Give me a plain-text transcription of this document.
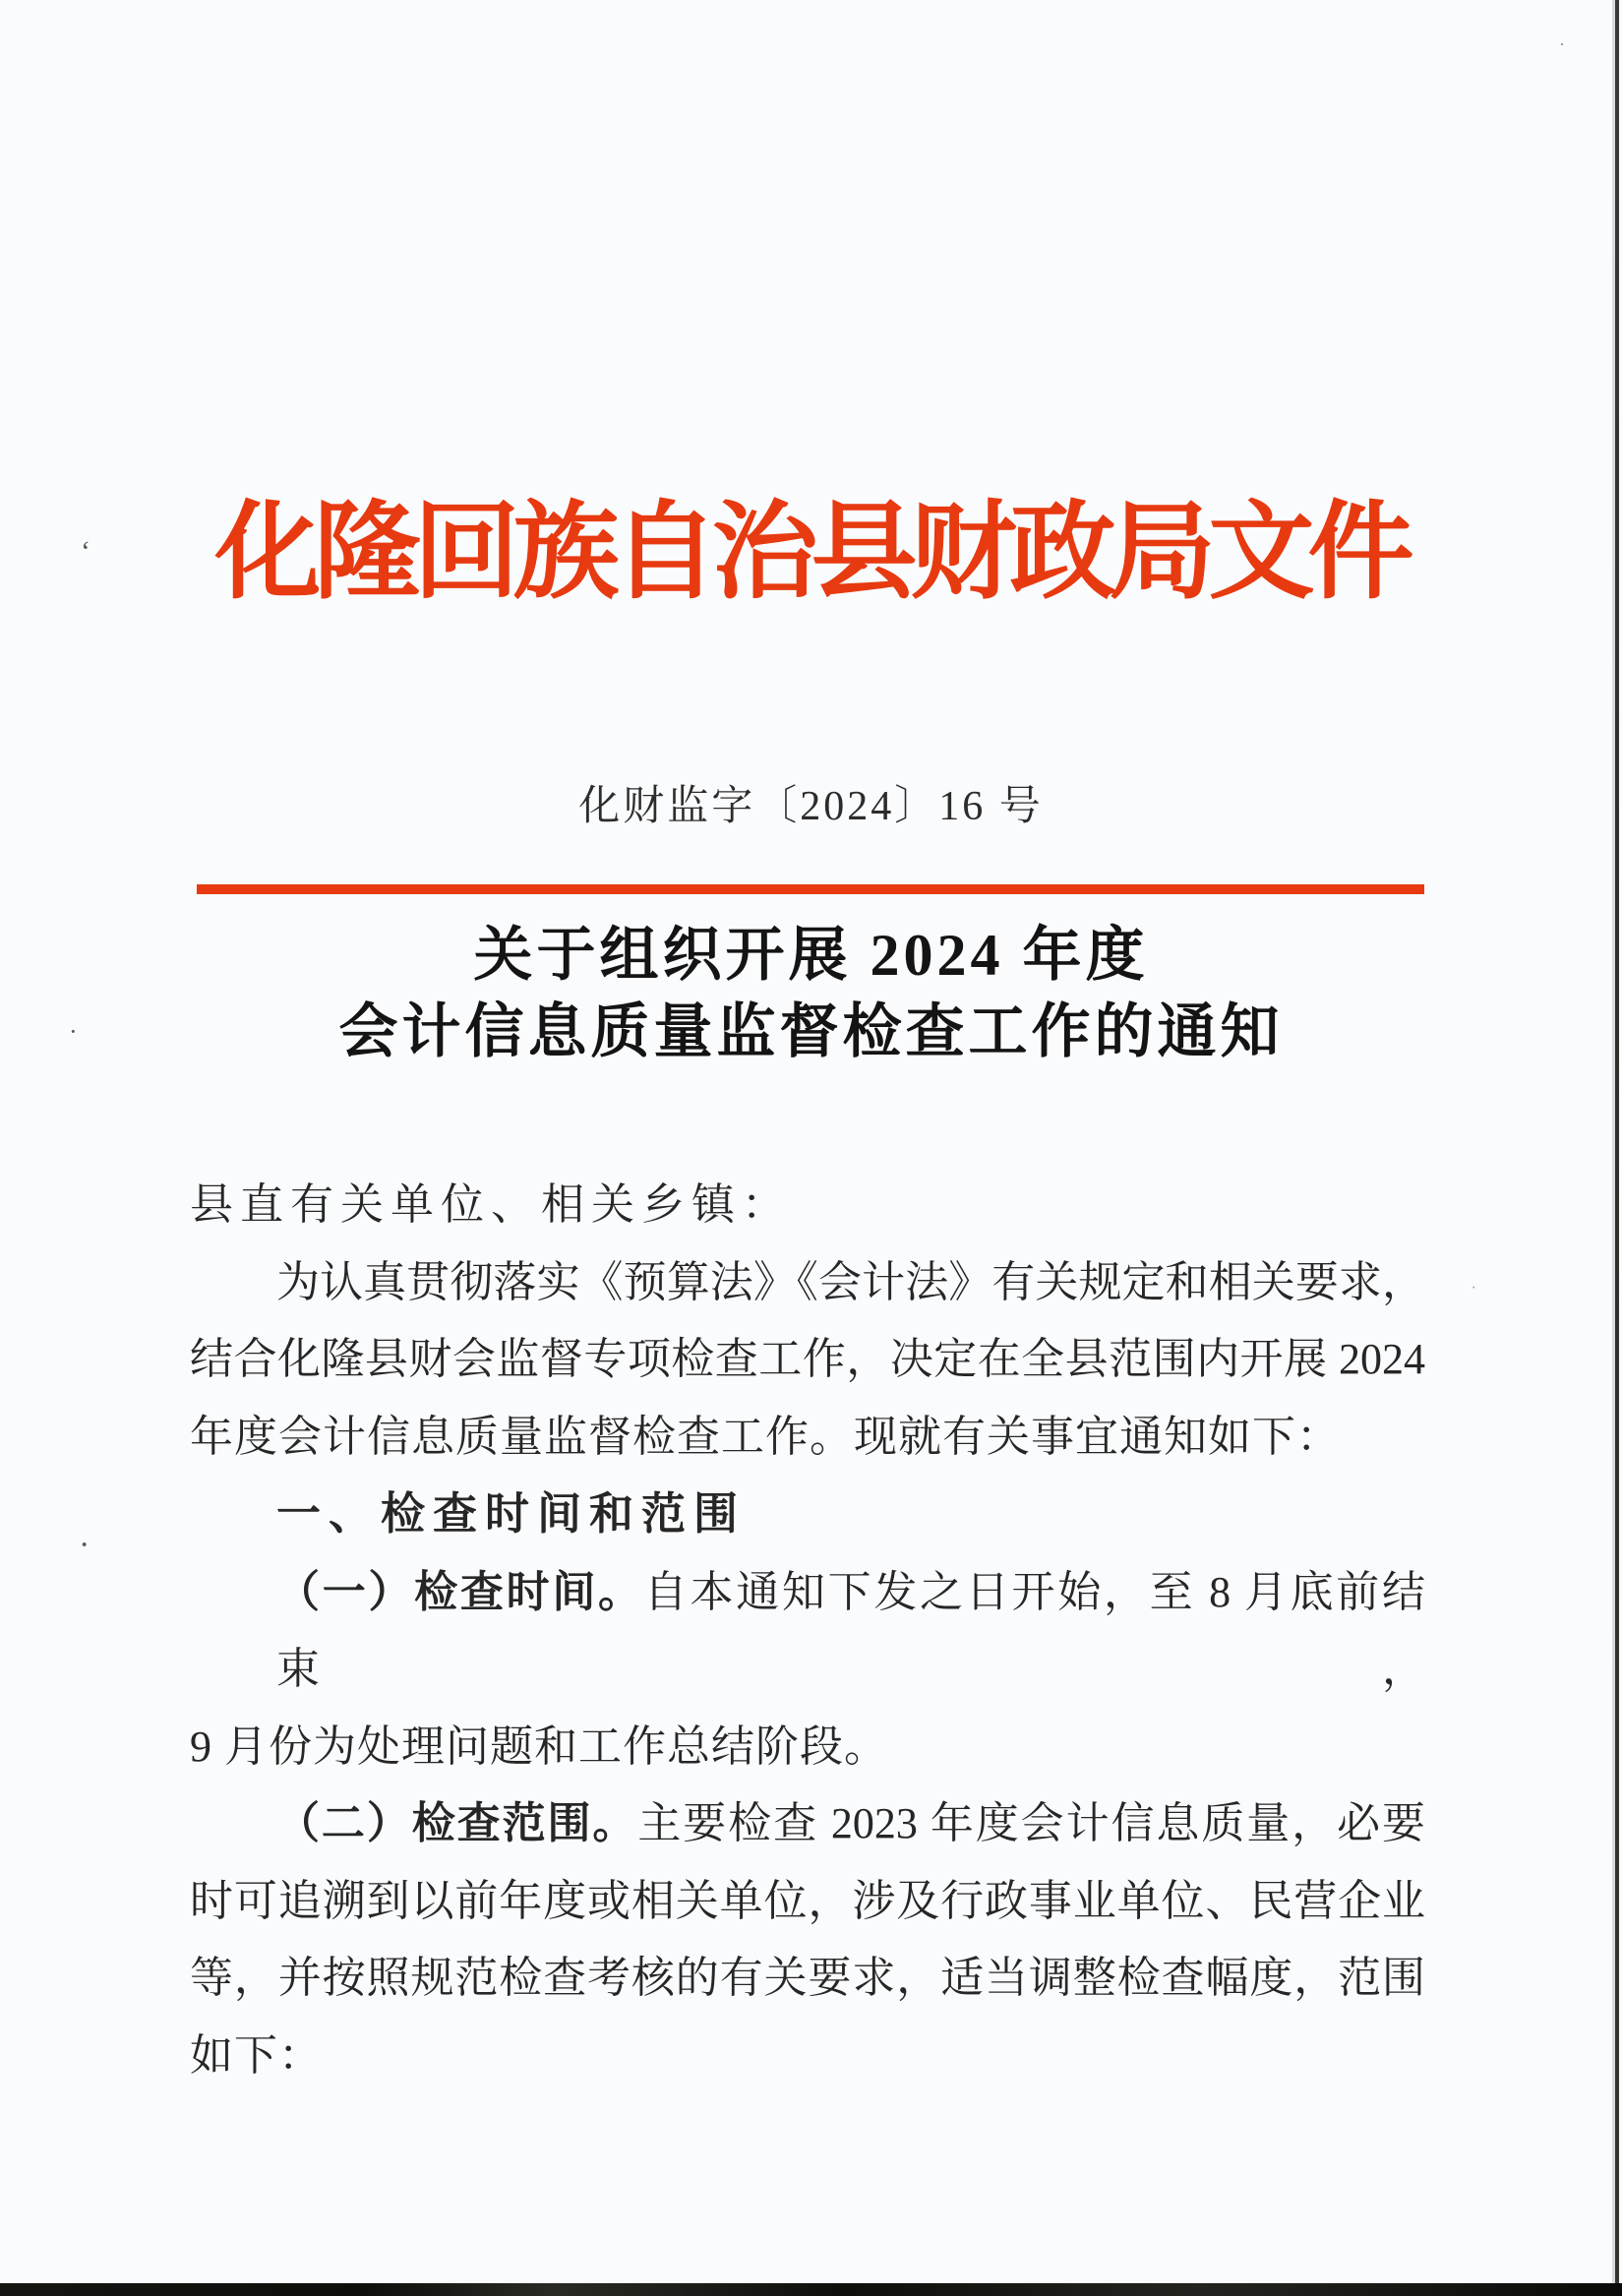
化隆回族自治县财政局文件
化财监字〔2024〕16 号
关于组织开展 2024 年度
会计信息质量监督检查工作的通知
县直有关单位、相关乡镇：
为认真贯彻落实《预算法》《会计法》有关规定和相关要求，
结合化隆县财会监督专项检查工作，决定在全县范围内开展 2024
年度会计信息质量监督检查工作。现就有关事宜通知如下：
一、检查时间和范围
（一）检查时间。自本通知下发之日开始，至 8 月底前结束，
9 月份为处理问题和工作总结阶段。
（二）检查范围。主要检查 2023 年度会计信息质量，必要
时可追溯到以前年度或相关单位，涉及行政事业单位、民营企业
等，并按照规范检查考核的有关要求，适当调整检查幅度，范围
如下：
ʻ
·
·
·
·
